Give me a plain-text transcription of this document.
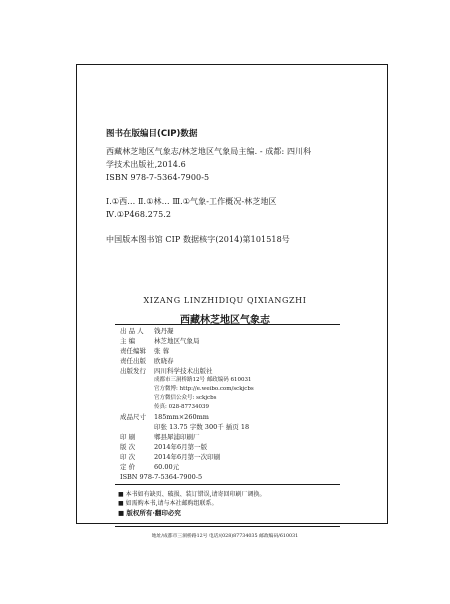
图书在版编目(CIP)数据
西藏林芝地区气象志/林芝地区气象局主编. - 成都: 四川科
学技术出版社,2014.6
ISBN 978-7-5364-7900-5
Ⅰ.①西… Ⅱ.①林… Ⅲ.①气象-工作概况-林芝地区
Ⅳ.①P468.275.2
中国版本图书馆 CIP 数据核字(2014)第101518号
XIZANG LINZHIDIQU QIXIANGZHI
西藏林芝地区气象志
出 品 人 钱丹凝
主 编	林芝地区气象局
责任编辑 张 蓉
责任出版 欧晓春
出版发行 四川科学技术出版社
成都市三洞桥路12号 邮政编码 610031
官方微博: http://e.weibo.com/sckjcbs
官方微信公众号: sckjcbs
传真: 028-87734039
成品尺寸 185mm×260mm
印张 13.75 字数 300千 插页 18
印 刷	郫县犀浦印刷厂
版 次	2014年6月第一版
印 次	2014年6月第一次印刷
定 价	60.00元
ISBN 978-7-5364-7900-5
■ 本书如有缺页、破损、装订错误,请寄回印刷厂调换。
■ 如需购本书,请与本社邮购组联系。
■ 版权所有·翻印必究
地址/成都市三洞桥路12号 电话/(028)87734035 邮政编码/610031
